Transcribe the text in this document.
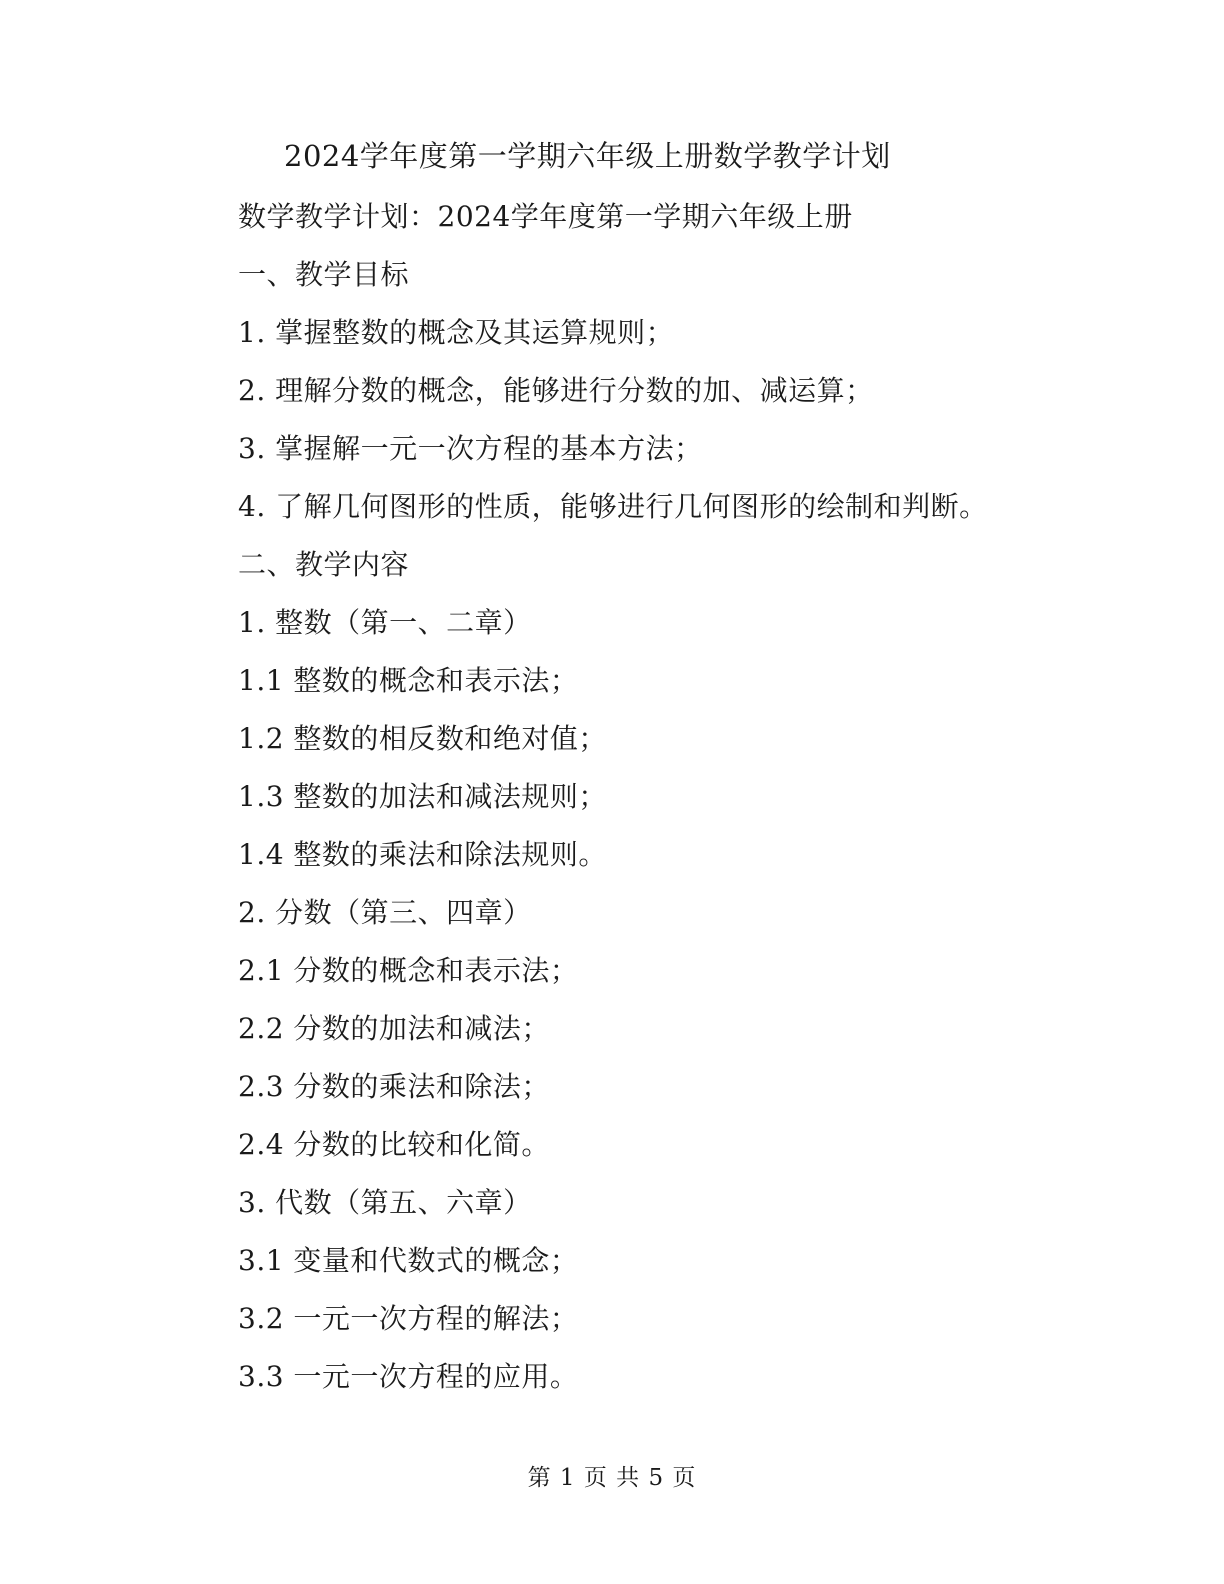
2024学年度第一学期六年级上册数学教学计划
数学教学计划：2024学年度第一学期六年级上册
一、教学目标
1. 掌握整数的概念及其运算规则；
2. 理解分数的概念，能够进行分数的加、减运算；
3. 掌握解一元一次方程的基本方法；
4. 了解几何图形的性质，能够进行几何图形的绘制和判断。
二、教学内容
1. 整数（第一、二章）
1.1 整数的概念和表示法；
1.2 整数的相反数和绝对值；
1.3 整数的加法和减法规则；
1.4 整数的乘法和除法规则。
2. 分数（第三、四章）
2.1 分数的概念和表示法；
2.2 分数的加法和减法；
2.3 分数的乘法和除法；
2.4 分数的比较和化简。
3. 代数（第五、六章）
3.1 变量和代数式的概念；
3.2 一元一次方程的解法；
3.3 一元一次方程的应用。
第 1 页 共 5 页
